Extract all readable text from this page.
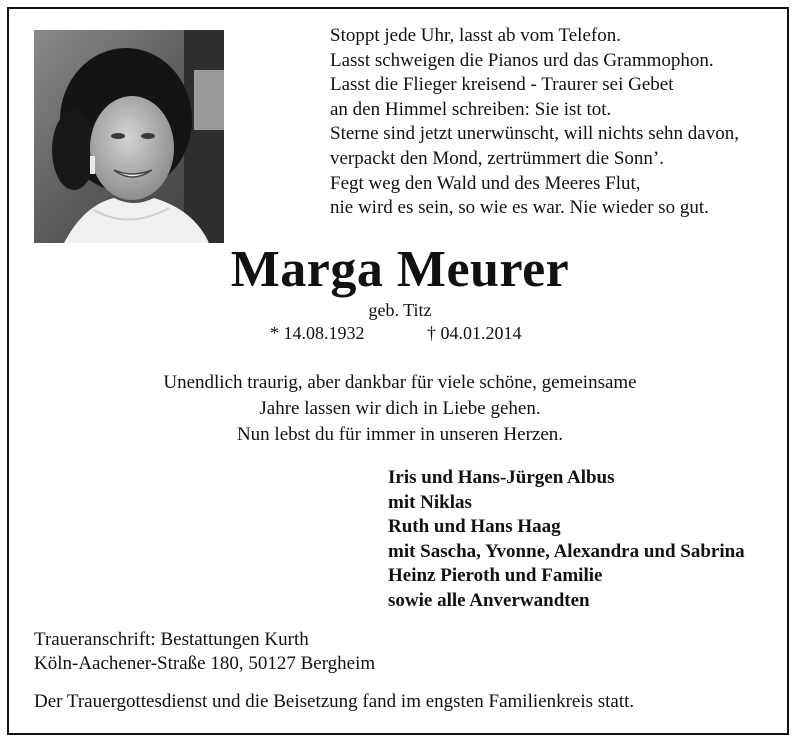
Stoppt jede Uhr, lasst ab vom Telefon.
Lasst schweigen die Pianos urd das Grammophon.
Lasst die Flieger kreisend - Traurer sei Gebet
an den Himmel schreiben: Sie ist tot.
Sterne sind jetzt unerwünscht, will nichts sehn davon,
verpackt den Mond, zertrümmert die Sonn’.
Fegt weg den Wald und des Meeres Flut,
nie wird es sein, so wie es war. Nie wieder so gut.
Marga Meurer
geb. Titz
* 14.08.1932	† 04.01.2014
Unendlich traurig, aber dankbar für viele schöne, gemeinsame
Jahre lassen wir dich in Liebe gehen.
Nun lebst du für immer in unseren Herzen.
Iris und Hans-Jürgen Albus
mit Niklas
Ruth und Hans Haag
mit Sascha, Yvonne, Alexandra und Sabrina
Heinz Pieroth und Familie
sowie alle Anverwandten
Traueranschrift: Bestattungen Kurth
Köln-Aachener-Straße 180, 50127 Bergheim
Der Trauergottesdienst und die Beisetzung fand im engsten Familienkreis statt.
